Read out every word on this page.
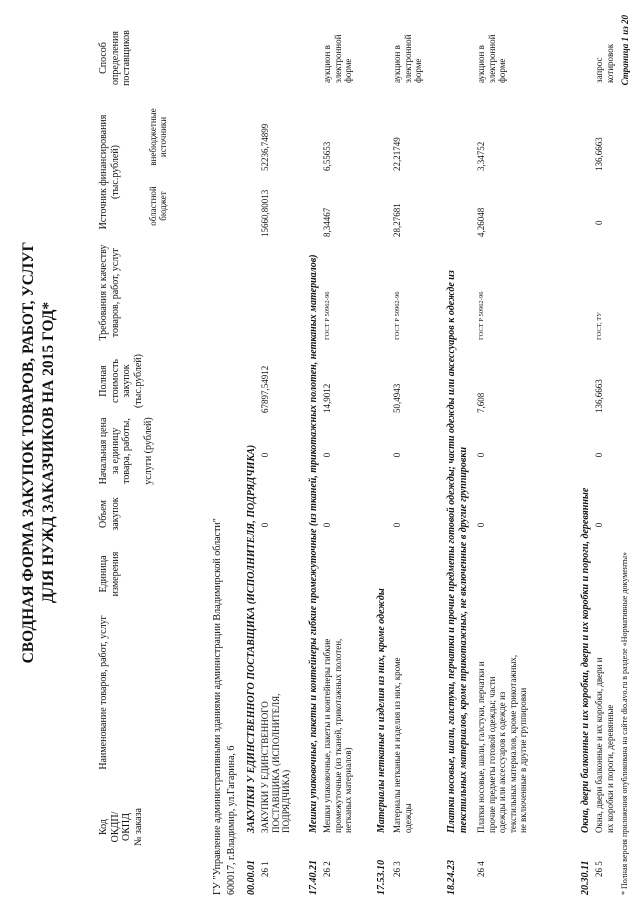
СВОДНАЯ ФОРМА ЗАКУПОК ТОВАРОВ, РАБОТ, УСЛУГ ДЛЯ НУЖД ЗАКАЗЧИКОВ НА 2015 ГОД*
Код ОКДП/ ОКПД № заказа
Наименование товаров, работ, услуг
Единица измерения
Объем закупок
Начальная цена за единицу товара, работы, услуги (рублей)
Полная стоимость закупок (тыс.рублей)
Требования к качеству товаров, работ, услуг
Источник финансирования (тыс.рублей)
областной бюджет
внебюджетные источники
Способ определения поставщиков
ГУ "Управление административными зданиями администрации Владимирской области" 600017, г.Владимир, ул.Гагарина, 6 00.00.01
ЗАКУПКИ У ЕДИНСТВЕННОГО ПОСТАВЩИКА (ИСПОЛНИТЕЛЯ, ПОДРЯДЧИКА)
26 1
ЗАКУПКИ У ЕДИНСТВЕННОГО ПОСТАВЩИКА (ИСПОЛНИТЕЛЯ, ПОДРЯДЧИКА)
0
0
67897,54912
15660,80013
52236,74899
17.40.21
Мешки упаковочные, пакеты и контейнеры гибкие промежуточные (из тканей, трикотажных полотен, нетканых материалов)
26 2
Мешки упаковочные, пакеты и контейнеры гибкие промежуточные (из тканей, трикотажных полотен, нетканых материалов)
0
0
14,9012
ГОСТ Р 50962-96
8,34467
6,55653
аукцион в электронной форме
17.53.10
Материалы нетканые и изделия из них, кроме одежды
26 3
Материалы нетканые и изделия из них, кроме одежды
0
0
50,4943
ГОСТ Р 50962-96
28,27681
22,21749
аукцион в электронной форме
18.24.23
Платки носовые, шали, галстуки, перчатки и прочие предметы готовой одежды; части одежды или аксессуаров к одежде из текстильных материалов, кроме трикотажных, не включенные в другие группировки
26 4
Платки носовые, шали, галстуки, перчатки и прочие предметы готовой одежды; части одежды или аксессуаров к одежде из текстильных материалов, кроме трикотажных, не включенные в другие группировки
0
0
7,608
ГОСТ Р 50962-96
4,26048
3,34752
аукцион в электронной форме
20.30.11
Окна, двери балконные и их коробки, двери и их коробки и пороги, деревянные
26 5
Окна, двери балконные и их коробки, двери и их коробки и пороги, деревянные
0
0
136,6663
ГОСТ, ТУ
0
136,6663
запрос котировок
* Полная версия приложения опубликована на сайте dio.avo.ru в разделе «Нормативные документы»
Страница 1 из 20
